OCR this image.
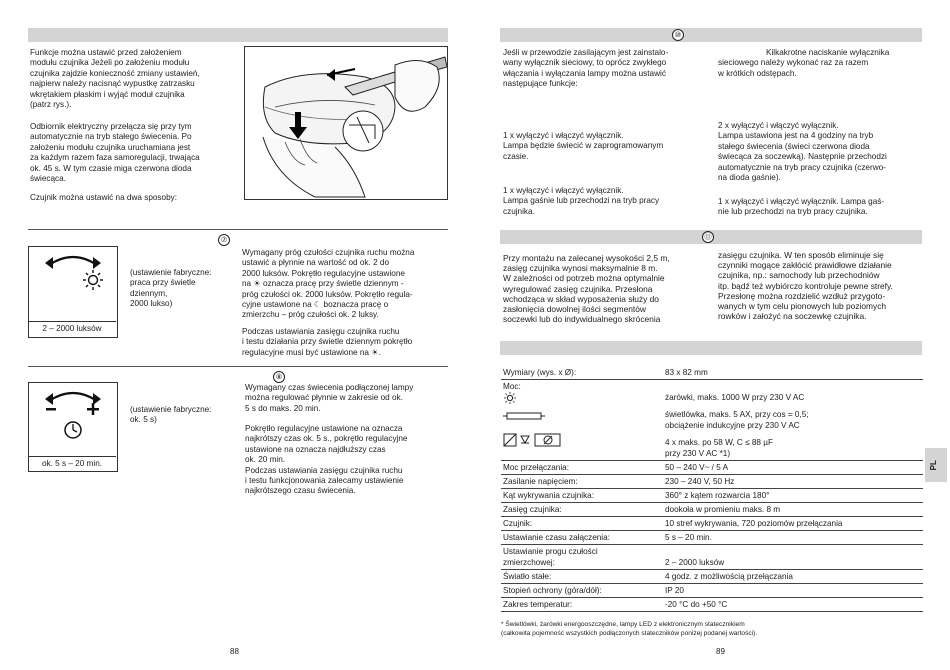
Funkcje można ustawić przed założeniem
modułu czujnika Jeżeli po założeniu modułu
czujnika zajdzie konieczność zmiany ustawień,
najpierw należy nacisnąć wypustkę zatrzasku
wkrętakiem płaskim i wyjąć moduł czujnika
(patrz rys.).
Odbiornik elektryczny przełącza się przy tym
automatycznie na tryb stałego świecenia. Po
założeniu modułu czujnika uruchamiana jest
za każdym razem faza samoregulacji, trwająca
ok. 45 s. W tym czasie miga czerwona dioda
świecąca.
Czujnik można ustawić na dwa sposoby:
⑦
2 – 2000 luksów
(ustawienie fabryczne:
praca przy świetle
dziennym,
2000 lukso)
Wymagany próg czułości czujnika ruchu można
ustawić a płynnie na wartość od ok. 2 do
2000 luksów. Pokrętło regulacyjne ustawione
na ☀ oznacza pracę przy świetle dziennym -
próg czułości ok. 2000 luksów. Pokrętło regula-
cyjne ustawione na ☾ boznacza pracę o
zmierzchu – próg czułości ok. 2 luksy.
Podczas ustawiania zasięgu czujnika ruchu
i testu działania przy świetle dziennym pokrętło
regulacyjne musi być ustawione na ☀.
⑧
ok. 5 s – 20 min.
(ustawienie fabryczne:
ok. 5 s)
Wymagany czas świecenia podłączonej lampy
można regulować płynnie w zakresie od ok.
5 s do maks. 20 min.
Pokrętło regulacyjne ustawione na oznacza
najkrótszy czas ok. 5 s., pokrętło regulacyjne
ustawione na oznacza najdłuższy czas
ok. 20 min.
Podczas ustawiania zasięgu czujnika ruchu
i testu funkcjonowania zalecamy ustawienie
najkrótszego czasu świecenia.
88
⑩
Jeśli w przewodzie zasilającym jest zainstalo-
wany wyłącznik sieciowy, to oprócz zwykłego
włączania i wyłączania lampy można ustawić
następujące funkcje:
1 x wyłączyć i włączyć wyłącznik.
Lampa będzie świecić w zaprogramowanym
czasie.
1 x wyłączyć i włączyć wyłącznik.
Lampa gaśnie lub przechodzi na tryb pracy
czujnika.
Kilkakrotne naciskanie wyłącznika
sieciowego należy wykonać raz za razem
w krótkich odstępach.
2 x wyłączyć i włączyć wyłącznik.
Lampa ustawiona jest na 4 godziny na tryb
stałego świecenia (świeci czerwona dioda
świecąca za soczewką). Następnie przechodzi
automatycznie na tryb pracy czujnika (czerwo-
na dioda gaśnie).
1 x wyłączyć i włączyć wyłącznik. Lampa gaś-
nie lub przechodzi na tryb pracy czujnika.
⑪
Przy montażu na zalecanej wysokości 2,5 m,
zasięg czujnika wynosi maksymalnie 8 m.
W zależności od potrzeb można optymalnie
wyregulować zasięg czujnika. Przesłona
wchodząca w skład wyposażenia służy do
zasłonięcia dowolnej ilości segmentów
soczewki lub do indywidualnego skrócenia
zasięgu czujnika. W ten sposób eliminuje się
czynniki mogące zakłócić prawidłowe działanie
czujnika, np.: samochody lub przechodniów
itp. bądź też wybiórczo kontroluje pewne strefy.
Przesłonę można rozdzielić wzdłuż przygoto-
wanych w tym celu pionowych lub poziomych
rowków i założyć na soczewkę czujnika.
Wymiary (wys. x Ø):	83 x 82 mm

Moc:	żarówki, maks. 1000 W przy 230 V AC
świetlówka, maks. 5 AX, przy cos = 0,5;
obciążenie indukcyjne przy 230 V AC
4 x maks. po 58 W, C ≤ 88 µF
przy 230 V AC *1)

Moc przełączania:	50 – 240 V~ / 5 A
Zasilanie napięciem:	230 – 240 V, 50 Hz
Kąt wykrywania czujnika:	360° z kątem rozwarcia 180°
Zasięg czujnika:	dookoła w promieniu maks. 8 m
Czujnik:	10 stref wykrywania, 720 poziomów przełączania
Ustawianie czasu załączenia:	5 s – 20 min.
Ustawianie progu czułości
zmierzchowej:	
2 – 2000 luksów
Światło stałe:	4 godz. z możliwością przełączania
Stopień ochrony (góra/dół):	IP 20
Zakres temperatur:	-20 °C do +50 °C
* Świetlówki, żarówki energooszczędne, lampy LED z elektronicznym statecznikiem
(całkowita pojemność wszystkich podłączonych stateczników poniżej podanej wartości).
PL
89
